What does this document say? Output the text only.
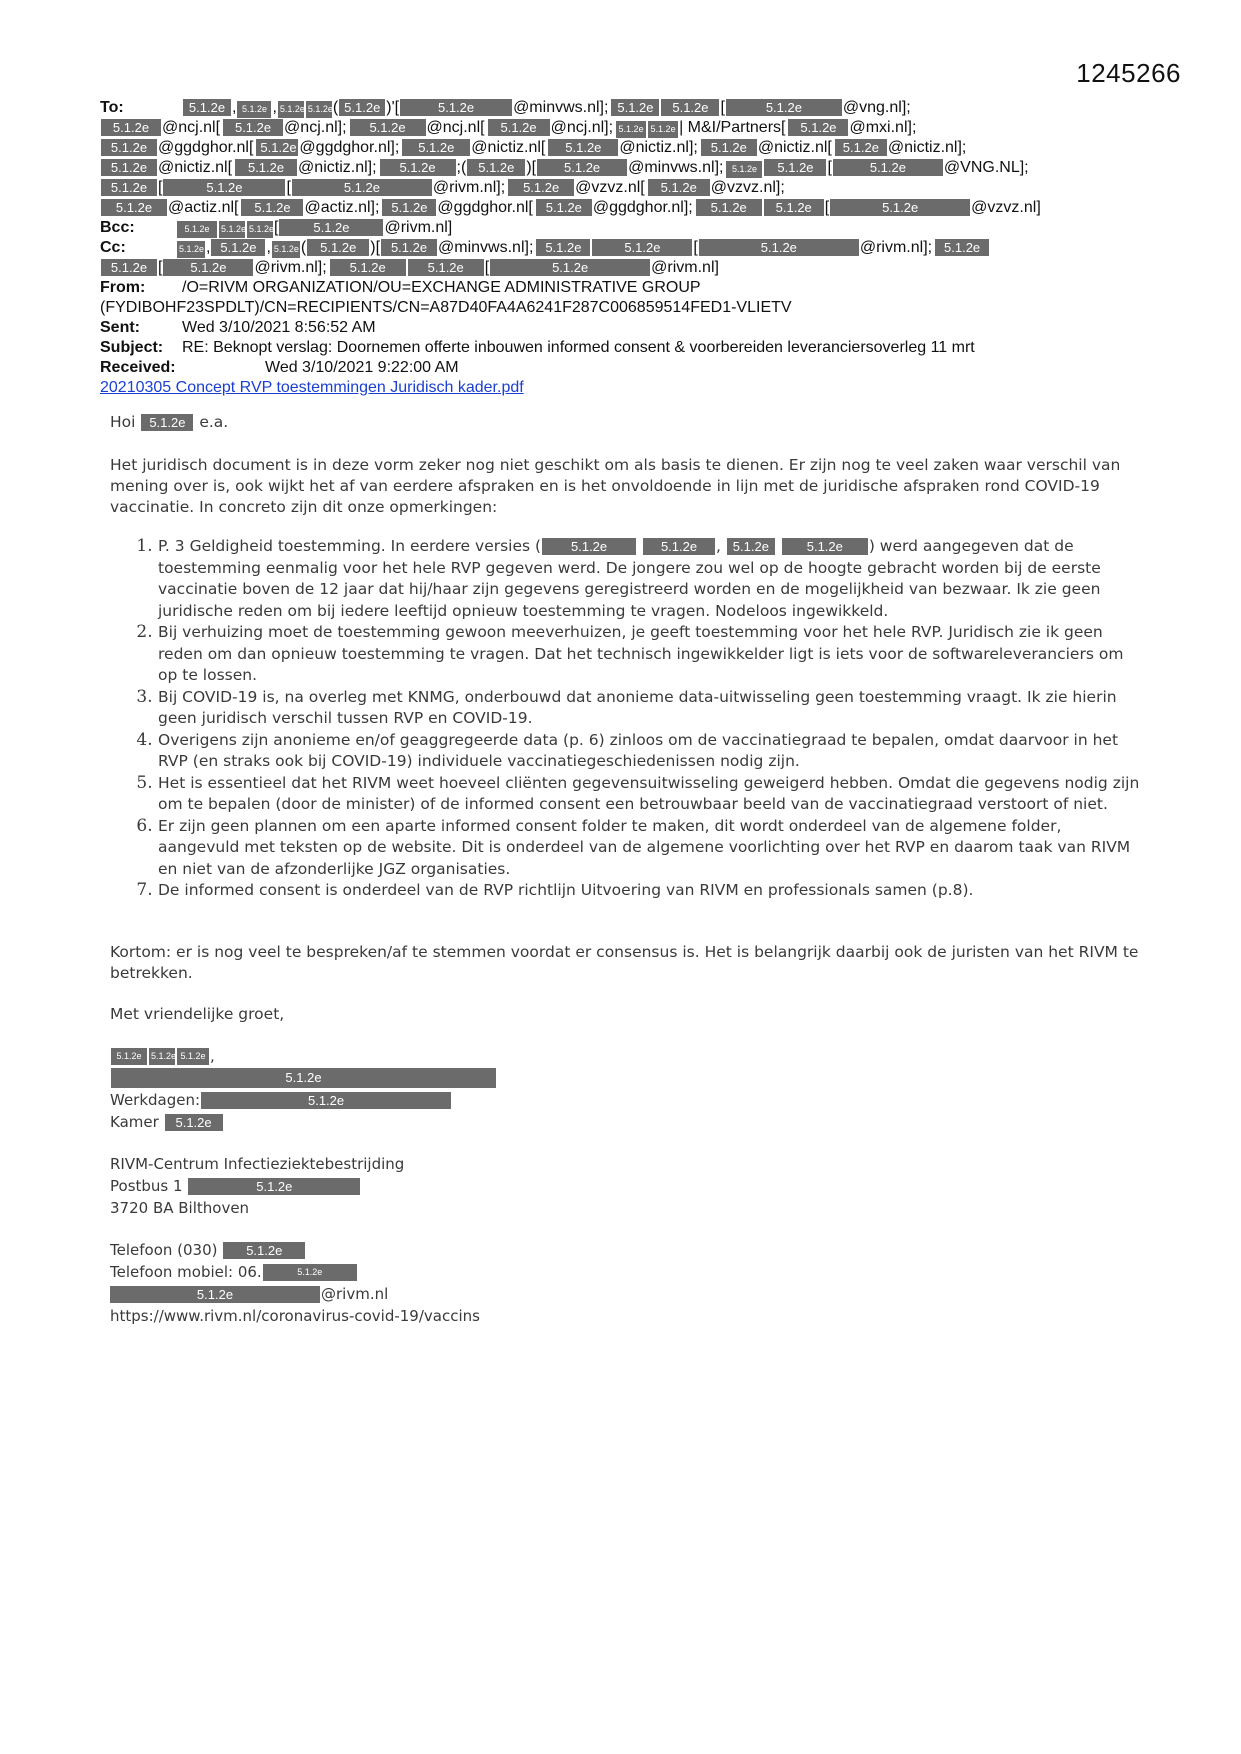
1245266
To:	5.1.2e , 5.1.2e , 5.1.2e 5.1.2e ( 5.1.2e )'[	5.1.2e	@minvws.nl]; 5.1.2e	5.1.2e [	5.1.2e	@vng.nl];
5.1.2e @ncj.nl[	5.1.2e @ncj.nl];	5.1.2e	@ncj.nl[	5.1.2e @ncj.nl]; 5.1.2e 5.1.2e | M&I/Partners[	5.1.2e @mxi.nl];
5.1.2e @ggdghor.nl[ 5.1.2e @ggdghor.nl];	5.1.2e	@nictiz.nl[	5.1.2e	@nictiz.nl]; 5.1.2e @nictiz.nl[ 5.1.2e @nictiz.nl];
5.1.2e @nictiz.nl[	5.1.2e @nictiz.nl];	5.1.2e	;( 5.1.2e )[	5.1.2e	@minvws.nl]; 5.1.2e	5.1.2e [	5.1.2e	@VNG.NL];
5.1.2e [	5.1.2e	[	5.1.2e	@rivm.nl];	5.1.2e @vzvz.nl[	5.1.2e @vzvz.nl];
5.1.2e @actiz.nl[	5.1.2e @actiz.nl]; 5.1.2e @ggdghor.nl[ 5.1.2e @ggdghor.nl];	5.1.2e	5.1.2e [	5.1.2e	@vzvz.nl]
Bcc:	5.1.2e	5.1.2e 5.1.2e [	5.1.2e	@rivm.nl]
Cc:	5.1.2e , 5.1.2e , 5.1.2e (	5.1.2e )[ 5.1.2e @minvws.nl]; 5.1.2e	5.1.2e	[	5.1.2e	@rivm.nl]; 5.1.2e
5.1.2e [	5.1.2e	@rivm.nl];	5.1.2e	5.1.2e	[	5.1.2e	@rivm.nl]
From:	/O=RIVM ORGANIZATION/OU=EXCHANGE ADMINISTRATIVE GROUP
(FYDIBOHF23SPDLT)/CN=RECIPIENTS/CN=A87D40FA4A6241F287C006859514FED1-VLIETV
Sent:	Wed 3/10/2021 8:56:52 AM
Subject:	RE: Beknopt verslag: Doornemen offerte inbouwen informed consent & voorbereiden leveranciersoverleg 11 mrt
Received:	Wed 3/10/2021 9:22:00 AM
20210305 Concept RVP toestemmingen Juridisch kader.pdf

Hoi 5.1.2e e.a.

Het juridisch document is in deze vorm zeker nog niet geschikt om als basis te dienen. Er zijn nog te veel zaken waar verschil van mening over is, ook wijkt het af van eerdere afspraken en is het onvoldoende in lijn met de juridische afspraken rond COVID-19 vaccinatie. In concreto zijn dit onze opmerkingen:

1. P. 3 Geldigheid toestemming. In eerdere versies ( 5.1.2e	5.1.2e , 5.1.2e	5.1.2e ) werd aangegeven dat de toestemming eenmalig voor het hele RVP gegeven werd. De jongere zou wel op de hoogte gebracht worden bij de eerste vaccinatie boven de 12 jaar dat hij/haar zijn gegevens geregistreerd worden en de mogelijkheid van bezwaar. Ik zie geen juridische reden om bij iedere leeftijd opnieuw toestemming te vragen. Nodeloos ingewikkeld.
2. Bij verhuizing moet de toestemming gewoon meeverhuizen, je geeft toestemming voor het hele RVP. Juridisch zie ik geen reden om dan opnieuw toestemming te vragen. Dat het technisch ingewikkelder ligt is iets voor de softwareleveranciers om op te lossen.
3. Bij COVID-19 is, na overleg met KNMG, onderbouwd dat anonieme data-uitwisseling geen toestemming vraagt. Ik zie hierin geen juridisch verschil tussen RVP en COVID-19.
4. Overigens zijn anonieme en/of geaggregeerde data (p. 6) zinloos om de vaccinatiegraad te bepalen, omdat daarvoor in het RVP (en straks ook bij COVID-19) individuele vaccinatiegeschiedenissen nodig zijn.
5. Het is essentieel dat het RIVM weet hoeveel cliënten gegevensuitwisseling geweigerd hebben. Omdat die gegevens nodig zijn om te bepalen (door de minister) of de informed consent een betrouwbaar beeld van de vaccinatiegraad verstoort of niet.
6. Er zijn geen plannen om een aparte informed consent folder te maken, dit wordt onderdeel van de algemene folder, aangevuld met teksten op de website. Dit is onderdeel van de algemene voorlichting over het RVP en daarom taak van RIVM en niet van de afzonderlijke JGZ organisaties.
7. De informed consent is onderdeel van de RVP richtlijn Uitvoering van RIVM en professionals samen (p.8).

Kortom: er is nog veel te bespreken/af te stemmen voordat er consensus is. Het is belangrijk daarbij ook de juristen van het RIVM te betrekken.

Met vriendelijke groet,

5.1.2e 5.1.2e 5.1.2e ,
5.1.2e
Werkdagen:	5.1.2e
Kamer 5.1.2e
RIVM-Centrum Infectieziektebestrijding
Postbus 1	5.1.2e
3720 BA Bilthoven
Telefoon (030) 5.1.2e
Telefoon mobiel: 06.	5.1.2e
5.1.2e	@rivm.nl
https://www.rivm.nl/coronavirus-covid-19/vaccins
